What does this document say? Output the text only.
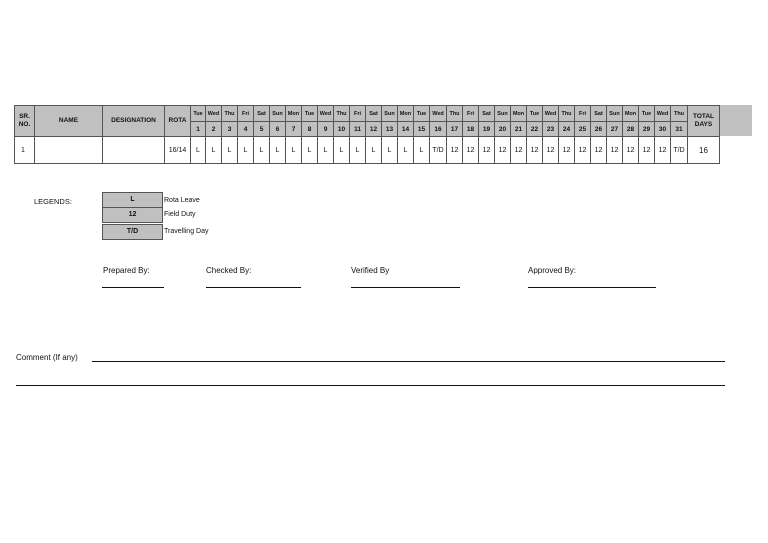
SR. NO.	NAME	DESIGNATION	ROTA	Tue	Wed	Thu	Fri	Sat	Sun	Mon	Tue	Wed	Thu	Fri	Sat	Sun	Mon	Tue	Wed	Thu	Fri	Sat	Sun	Mon	Tue	Wed	Thu	Fri	Sat	Sun	Mon	Tue	Wed	Thu	TOTAL DAYS
				1	2	3	4	5	6	7	8	9	10	11	12	13	14	15	16	17	18	19	20	21	22	23	24	25	26	27	28	29	30	31	
1			16/14	L	L	L	L	L	L	L	L	L	L	L	L	L	L	L	T/D	12	12	12	12	12	12	12	12	12	12	12	12	12	12	T/D	16
LEGENDS:	L	Rota Leave
12	Field Duty
T/D	Travelling Day
Prepared By:	Checked By:	Verified By	Approved By:
Comment (If any)
